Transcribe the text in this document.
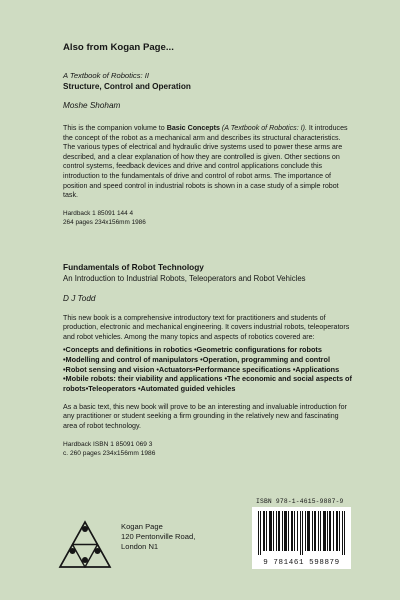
Also from Kogan Page...

A Textbook of Robotics: II

Structure, Control and Operation

Moshe Shoham

This is the companion volume to Basic Concepts (A Textbook of Robotics: I). It introduces the concept of the robot as a mechanical arm and describes its structural characteristics. The various types of electrical and hydraulic drive systems used to power these arms are described, and a clear explanation of how they are controlled is given. Other sections on control systems, feedback devices and drive and control applications conclude this introduction to the fundamentals of drive and control of robot arms. The importance of position and speed control in industrial robots is shown in a case study of a simple robot task.

Hardback 1 85091 144 4
264 pages 234x156mm 1986

Fundamentals of Robot Technology

An Introduction to Industrial Robots, Teleoperators and Robot Vehicles

D J Todd

This new book is a comprehensive introductory text for practitioners and students of production, electronic and mechanical engineering. It covers industrial robots, teleoperators and robot vehicles. Among the many topics and aspects of robotics covered are:

•Concepts and definitions in robotics •Geometric configurations for robots •Modelling and control of manipulators •Operation, programming and control •Robot sensing and vision •Actuators•Performance specifications •Applications •Mobile robots: their viability and applications •The economic and social aspects of robots•Teleoperators •Automated guided vehicles

As a basic text, this new book will prove to be an interesting and invaluable introduction for any practitioner or student seeking a firm grounding in the relatively new and fascinating area of robot technology.

Hardback ISBN 1 85091 069 3
c. 260 pages 234x156mm 1986

Kogan Page
120 Pentonville Road,
London N1
ISBN 978-1-4615-9887-9
9 781461 598879
